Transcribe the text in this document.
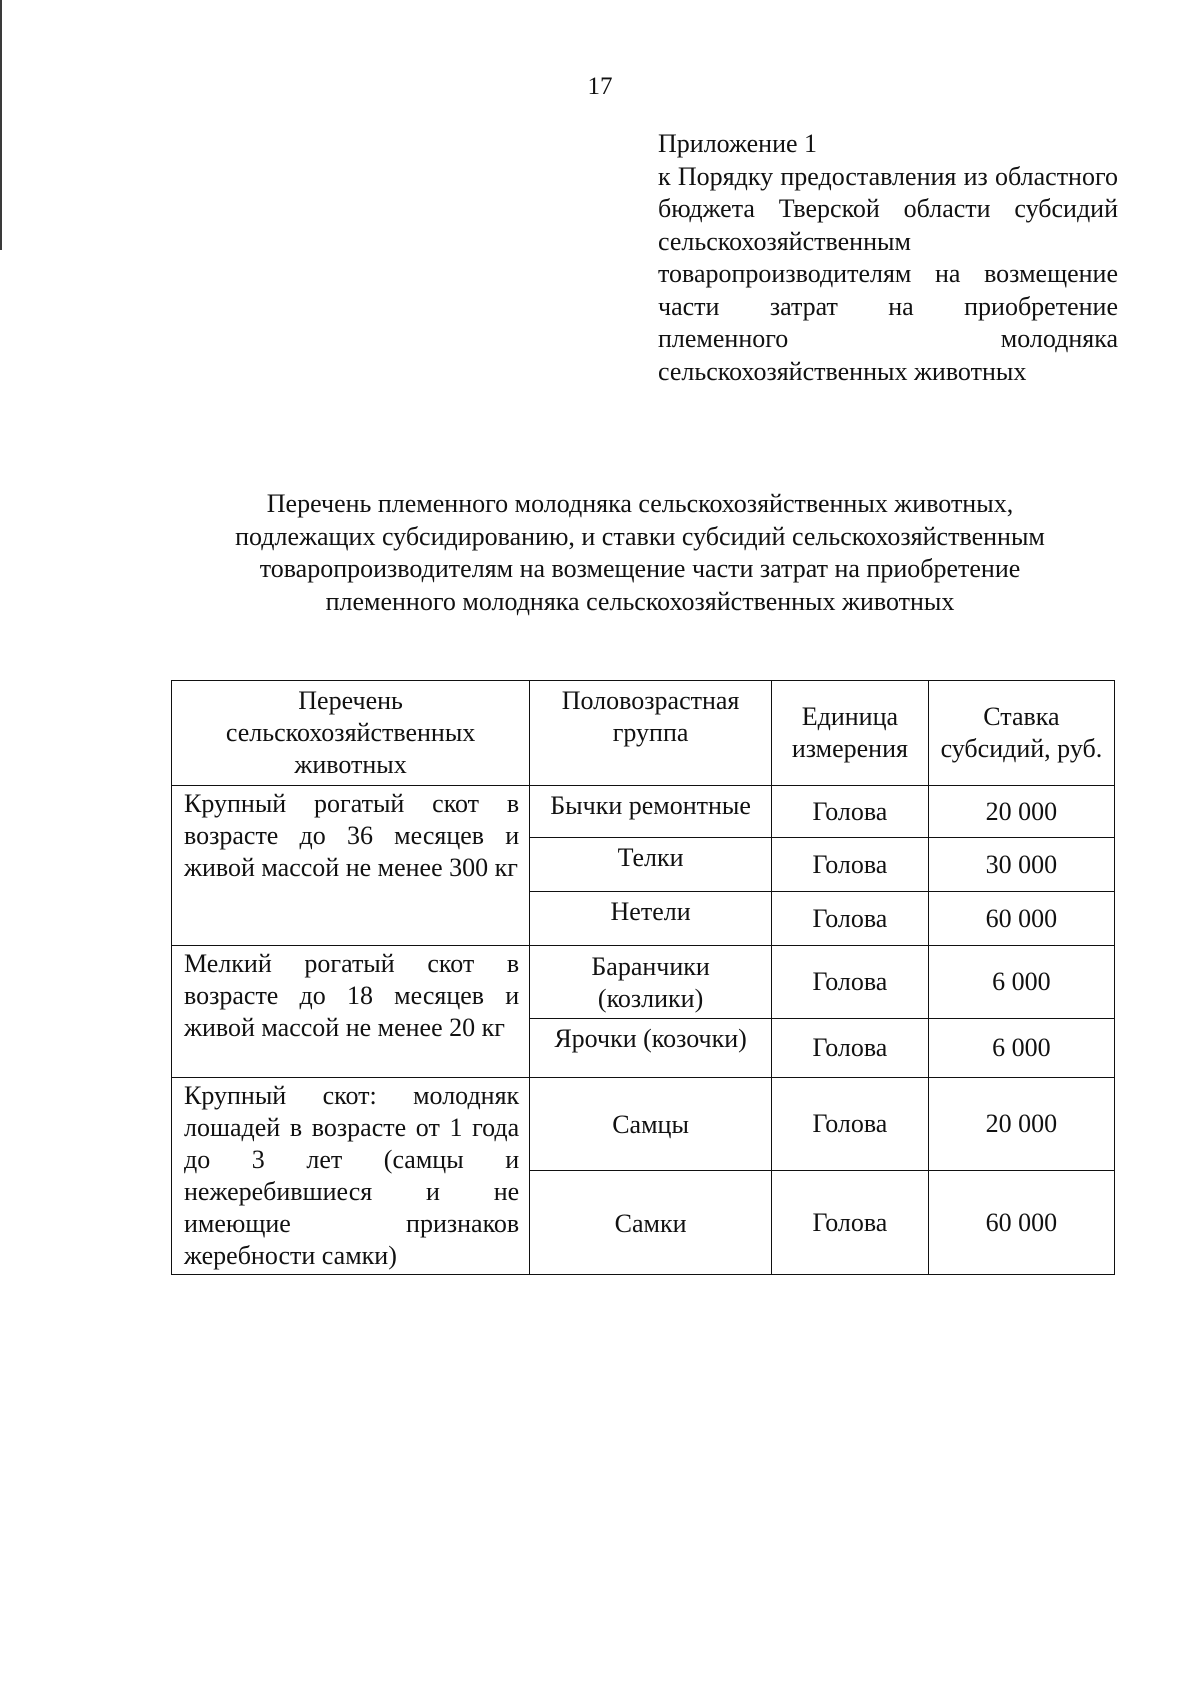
17
Приложение 1
к Порядку предоставления из областного бюджета Тверской области субсидий сельскохозяйственным товаропроизводителям на возмещение части затрат на приобретение племенного молодняка сельскохозяйственных животных
Перечень племенного молодняка сельскохозяйственных животных,
подлежащих субсидированию, и ставки субсидий сельскохозяйственным
товаропроизводителям на возмещение части затрат на приобретение
племенного молодняка сельскохозяйственных животных
Перечень сельскохозяйственных животных	Половозрастная группа	Единица измерения	Ставка субсидий, руб.
Крупный рогатый скот в возрасте до 36 месяцев и живой массой не менее 300 кг	Бычки ремонтные	Голова	20 000
	Телки	Голова	30 000
	Нетели	Голова	60 000
Мелкий рогатый скот в возрасте до 18 месяцев и живой массой не менее 20 кг	Баранчики (козлики)	Голова	6 000
	Ярочки (козочки)	Голова	6 000
Крупный скот: молодняк лошадей в возрасте от 1 года до 3 лет (самцы и нежеребившиеся и не имеющие признаков жеребности самки)	Самцы	Голова	20 000
	Самки	Голова	60 000
